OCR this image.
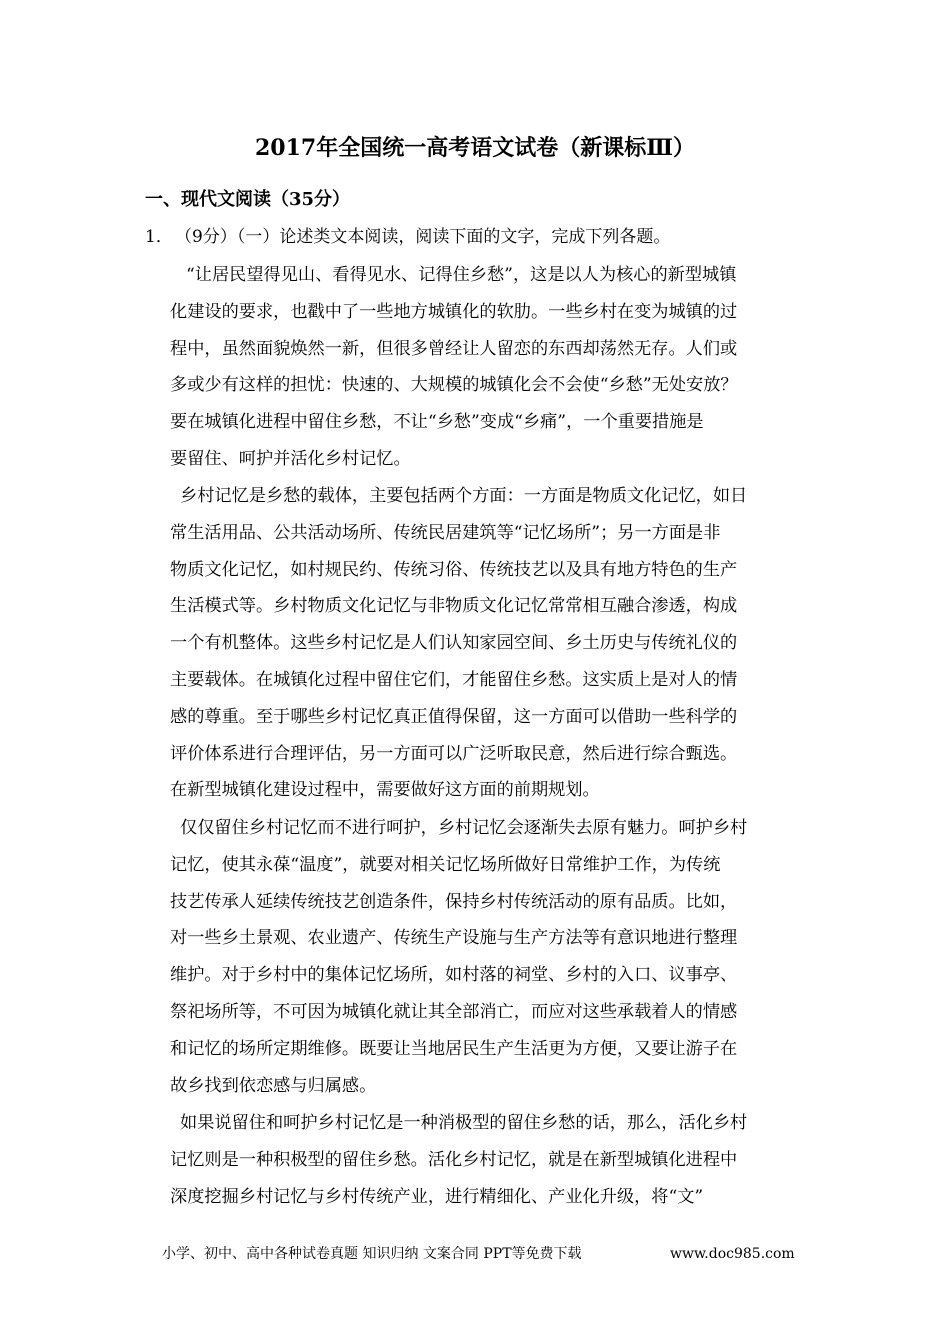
2017年全国统一高考语文试卷（新课标Ⅲ）
一、现代文阅读（35分）
1． （9分）（一）论述类文本阅读，阅读下面的文字，完成下列各题。
“让居民望得见山、看得见水、记得住乡愁”，这是以人为核心的新型城镇
化建设的要求，也戳中了一些地方城镇化的软肋。一些乡村在变为城镇的过
程中，虽然面貌焕然一新，但很多曾经让人留恋的东西却荡然无存。人们或
多或少有这样的担忧：快速的、大规模的城镇化会不会使“乡愁”无处安放？
要在城镇化进程中留住乡愁，不让“乡愁”变成“乡痛”，一个重要措施是
要留住、呵护并活化乡村记忆。
乡村记忆是乡愁的载体，主要包括两个方面：一方面是物质文化记忆，如日
常生活用品、公共活动场所、传统民居建筑等“记忆场所”；另一方面是非
物质文化记忆，如村规民约、传统习俗、传统技艺以及具有地方特色的生产
生活模式等。乡村物质文化记忆与非物质文化记忆常常相互融合渗透，构成
一个有机整体。这些乡村记忆是人们认知家园空间、乡土历史与传统礼仪的
主要载体。在城镇化过程中留住它们，才能留住乡愁。这实质上是对人的情
感的尊重。至于哪些乡村记忆真正值得保留，这一方面可以借助一些科学的
评价体系进行合理评估，另一方面可以广泛听取民意，然后进行综合甄选。
在新型城镇化建设过程中，需要做好这方面的前期规划。
仅仅留住乡村记忆而不进行呵护，乡村记忆会逐渐失去原有魅力。呵护乡村
记忆，使其永葆“温度”，就要对相关记忆场所做好日常维护工作，为传统
技艺传承人延续传统技艺创造条件，保持乡村传统活动的原有品质。比如，
对一些乡土景观、农业遗产、传统生产设施与生产方法等有意识地进行整理
维护。对于乡村中的集体记忆场所，如村落的祠堂、乡村的入口、议事亭、
祭祀场所等，不可因为城镇化就让其全部消亡，而应对这些承载着人的情感
和记忆的场所定期维修。既要让当地居民生产生活更为方便，又要让游子在
故乡找到依恋感与归属感。
如果说留住和呵护乡村记忆是一种消极型的留住乡愁的话，那么，活化乡村
记忆则是一种积极型的留住乡愁。活化乡村记忆，就是在新型城镇化进程中
深度挖掘乡村记忆与乡村传统产业，进行精细化、产业化升级，将“文”
小学、初中、高中各种试卷真题 知识归纳 文案合同 PPT等免费下载	www.doc985.com
